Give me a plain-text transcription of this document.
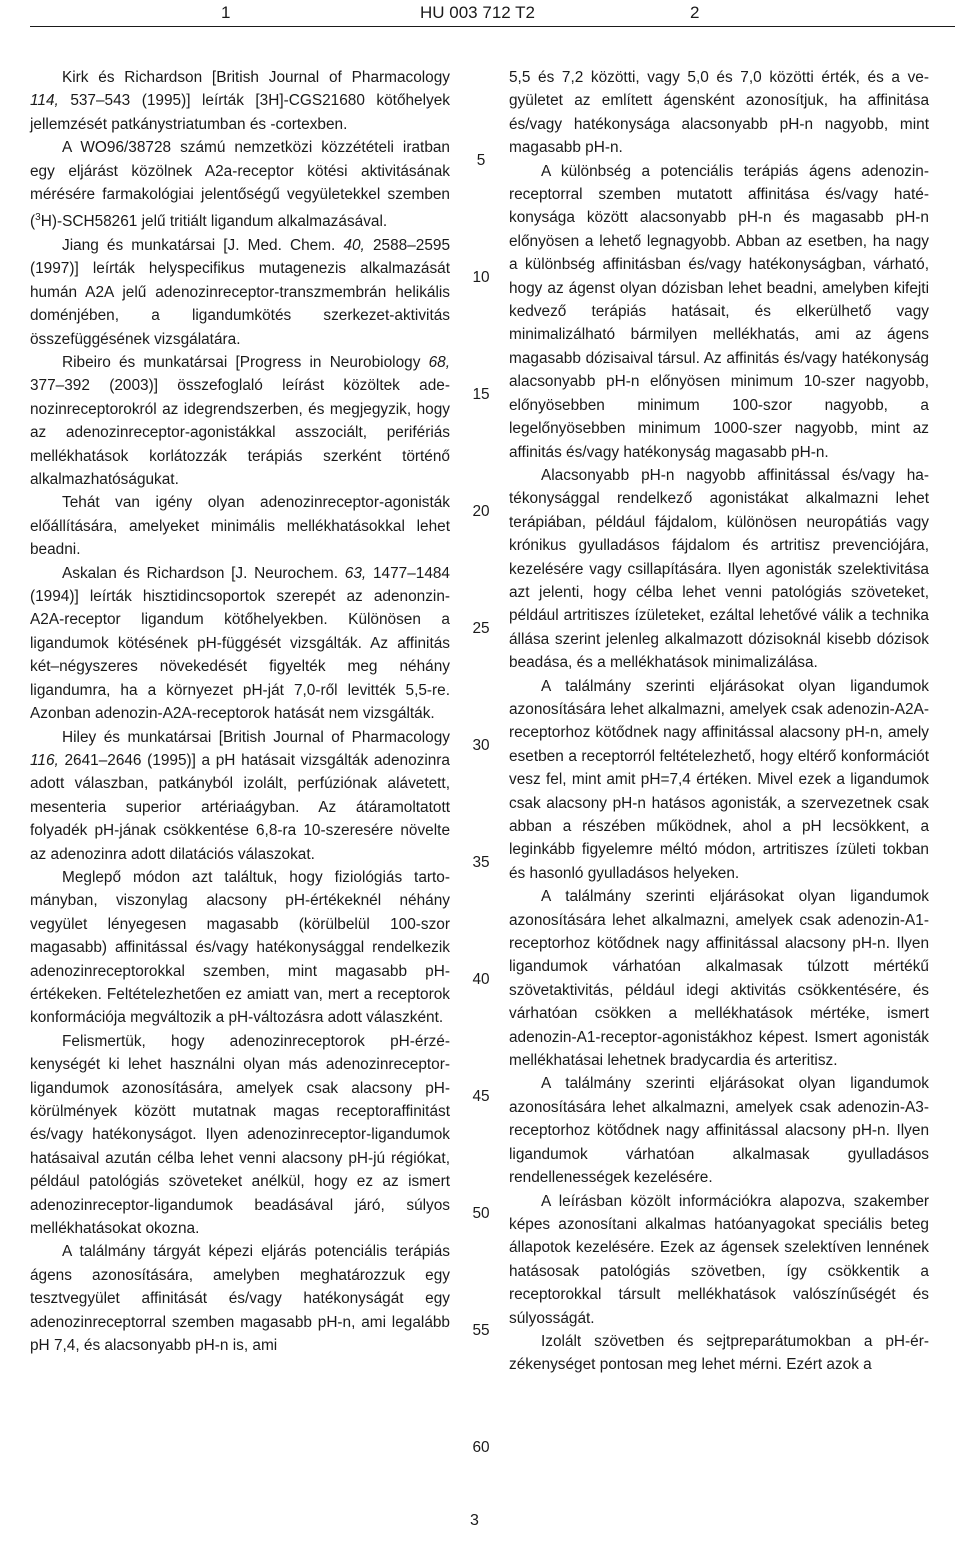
1	HU 003 712 T2	2

Kirk és Richardson [British Journal of Pharmacology 114, 537–543 (1995)] leírták [3H]-CGS21680 kötőhelyek jellemzését patkánystriatumban és -cortexben.

A WO96/38728 számú nemzetközi közzétételi iratban egy eljárást közölnek A2a-receptor kötési aktivitásának mérésére farmakológiai jelentőségű vegyületekkel szemben ($^3$H)-SCH58261 jelű tritiált ligandum alkalmazásával.

Jiang és munkatársai [J. Med. Chem. 40, 2588–2595 (1997)] leírták helyspecifikus mutagenezis alkalmazását humán A2A jelű adenozinreceptor-transzmembrán helikális doménjében, a ligandumkötés szerkezet-aktivitás összefüggésének vizsgálatára.

Ribeiro és munkatársai [Progress in Neurobiology 68, 377–392 (2003)] összefoglaló leírást közöltek adenozinreceptorokról az idegrendszerben, és megjegyzik, hogy az adenozinreceptor-agonistákkal asszociált, perifériás mellékhatások korlátozzák terápiás szerként történő alkalmazhatóságukat.

Tehát van igény olyan adenozinreceptor-agonisták előállítására, amelyeket minimális mellékhatásokkal lehet beadni.

Askalan és Richardson [J. Neurochem. 63, 1477–1484 (1994)] leírták hisztidincsoportok szerepét az adenonzin-A2A-receptor ligandum kötőhelyekben. Különösen a ligandumok kötésének pH-függését vizsgálták. Az affinitás két–négyszeres növekedését figyelték meg néhány ligandumra, ha a környezet pH-ját 7,0-ről levitték 5,5-re. Azonban adenozin-A2A-receptorok hatását nem vizsgálták.

Hiley és munkatársai [British Journal of Pharmacology 116, 2641–2646 (1995)] a pH hatásait vizsgálták adenozinra adott válaszban, patkányból izolált, perfúziónak alávetett, mesenteria superior artériaágyban. Az átáramoltatott folyadék pH-jának csökkentése 6,8-ra 10-szeresére növelte az adenozinra adott dilatációs válaszokat.

Meglepő módon azt találtuk, hogy fiziológiás tartományban, viszonylag alacsony pH-értékeknél néhány vegyület lényegesen magasabb (körülbelül 100-szor magasabb) affinitással és/vagy hatékonysággal rendelkezik adenozinreceptorokkal szemben, mint magasabb pH-értékeken. Feltételezhetően ez amiatt van, mert a receptorok konformációja megváltozik a pH-változásra adott válaszként.

Felismertük, hogy adenozinreceptorok pH-érzékenységét ki lehet használni olyan más adenozinreceptor-ligandumok azonosítására, amelyek csak alacsony pH-körülmények között mutatnak magas receptoraffinitást és/vagy hatékonyságot. Ilyen adenozinreceptor-ligandumok hatásaival azután célba lehet venni alacsony pH-jú régiókat, például patológiás szöveteket anélkül, hogy ez az ismert adenozinreceptor-ligandumok beadásával járó, súlyos mellékhatásokat okozna.

A találmány tárgyát képezi eljárás potenciális terápiás ágens azonosítására, amelyben meghatározzuk egy tesztvegyület affinitását és/vagy hatékonyságát egy adenozinreceptorral szemben magasabb pH-n, ami legalább pH 7,4, és alacsonyabb pH-n is, ami

5,5 és 7,2 közötti, vagy 5,0 és 7,0 közötti érték, és a vegyületet az említett ágensként azonosítjuk, ha affinitása és/vagy hatékonysága alacsonyabb pH-n nagyobb, mint magasabb pH-n.

A különbség a potenciális terápiás ágens adenozinreceptorral szemben mutatott affinitása és/vagy hatékonysága között alacsonyabb pH-n és magasabb pH-n előnyösen a lehető legnagyobb. Abban az esetben, ha nagy a különbség affinitásban és/vagy hatékonyságban, várható, hogy az ágenst olyan dózisban lehet beadni, amelyben kifejti kedvező terápiás hatásait, és elkerülhető vagy minimalizálható bármilyen mellékhatás, ami az ágens magasabb dózisaival társul. Az affinitás és/vagy hatékonyság alacsonyabb pH-n előnyösen minimum 10-szer nagyobb, előnyösebben minimum 100-szor nagyobb, a legelőnyösebben minimum 1000-szer nagyobb, mint az affinitás és/vagy hatékonyság magasabb pH-n.

Alacsonyabb pH-n nagyobb affinitással és/vagy hatékonysággal rendelkező agonistákat alkalmazni lehet terápiában, például fájdalom, különösen neuropátiás vagy krónikus gyulladásos fájdalom és artritisz prevenciójára, kezelésére vagy csillapítására. Ilyen agonisták szelektivitása azt jelenti, hogy célba lehet venni patológiás szöveteket, például artritiszes ízületeket, ezáltal lehetővé válik a technika állása szerint jelenleg alkalmazott dózisoknál kisebb dózisok beadása, és a mellékhatások minimalizálása.

A találmány szerinti eljárásokat olyan ligandumok azonosítására lehet alkalmazni, amelyek csak adenozin-A2A-receptorhoz kötődnek nagy affinitással alacsony pH-n, amely esetben a receptorról feltételezhető, hogy eltérő konformációt vesz fel, mint amit pH=7,4 értéken. Mivel ezek a ligandumok csak alacsony pH-n hatásos agonisták, a szervezetnek csak abban a részében működnek, ahol a pH lecsökkent, a leginkább figyelemre méltó módon, artritiszes ízületi tokban és hasonló gyulladásos helyeken.

A találmány szerinti eljárásokat olyan ligandumok azonosítására lehet alkalmazni, amelyek csak adenozin-A1-receptorhoz kötődnek nagy affinitással alacsony pH-n. Ilyen ligandumok várhatóan alkalmasak túlzott mértékű szövetaktivitás, például idegi aktivitás csökkentésére, és várhatóan csökken a mellékhatások mértéke, ismert adenozin-A1-receptor-agonistákhoz képest. Ismert agonisták mellékhatásai lehetnek bradycardia és arteritisz.

A találmány szerinti eljárásokat olyan ligandumok azonosítására lehet alkalmazni, amelyek csak adenozin-A3-receptorhoz kötődnek nagy affinitással alacsony pH-n. Ilyen ligandumok várhatóan alkalmasak gyulladásos rendellenességek kezelésére.

A leírásban közölt információkra alapozva, szakember képes azonosítani alkalmas hatóanyagokat speciális beteg állapotok kezelésére. Ezek az ágensek szelektíven lennének hatásosak patológiás szövetben, így csökkentik a receptorokkal társult mellékhatások valószínűségét és súlyosságát.

Izolált szövetben és sejtpreparátumokban a pH-érzékenységet pontosan meg lehet mérni. Ezért azok a

5
10
15
20
25
30
35
40
45
50
55
60
3
